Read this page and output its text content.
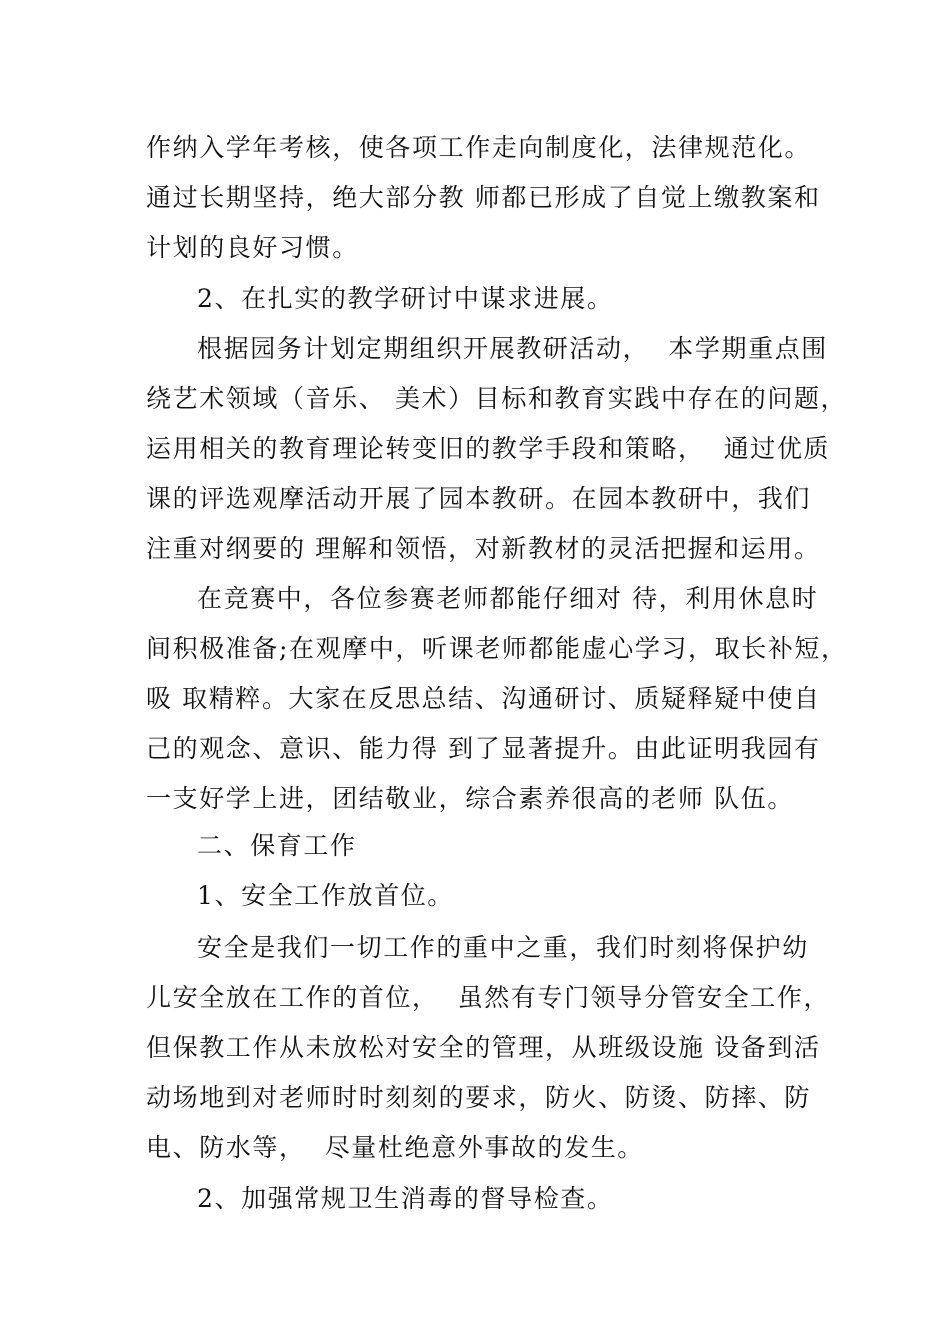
作纳入学年考核，使各项工作走向制度化，法律规范化。
通过长期坚持，绝大部分教 师都已形成了自觉上缴教案和
计划的良好习惯。
2、在扎实的教学研讨中谋求进展。
根据园务计划定期组织开展教研活动，  本学期重点围
绕艺术领域（音乐、 美术）目标和教育实践中存在的问题，
运用相关的教育理论转变旧的教学手段和策略，  通过优质
课的评选观摩活动开展了园本教研。在园本教研中，我们
注重对纲要的 理解和领悟，对新教材的灵活把握和运用。
在竞赛中，各位参赛老师都能仔细对 待，利用休息时
间积极准备;在观摩中，听课老师都能虚心学习，取长补短，
吸 取精粹。大家在反思总结、沟通研讨、质疑释疑中使自
己的观念、意识、能力得 到了显著提升。由此证明我园有
一支好学上进，团结敬业，综合素养很高的老师 队伍。
二、保育工作
1、安全工作放首位。
安全是我们一切工作的重中之重，我们时刻将保护幼
儿安全放在工作的首位，  虽然有专门领导分管安全工作，
但保教工作从未放松对安全的管理，从班级设施 设备到活
动场地到对老师时时刻刻的要求，防火、防烫、防摔、防
电、防水等，  尽量杜绝意外事故的发生。
2、加强常规卫生消毒的督导检查。
